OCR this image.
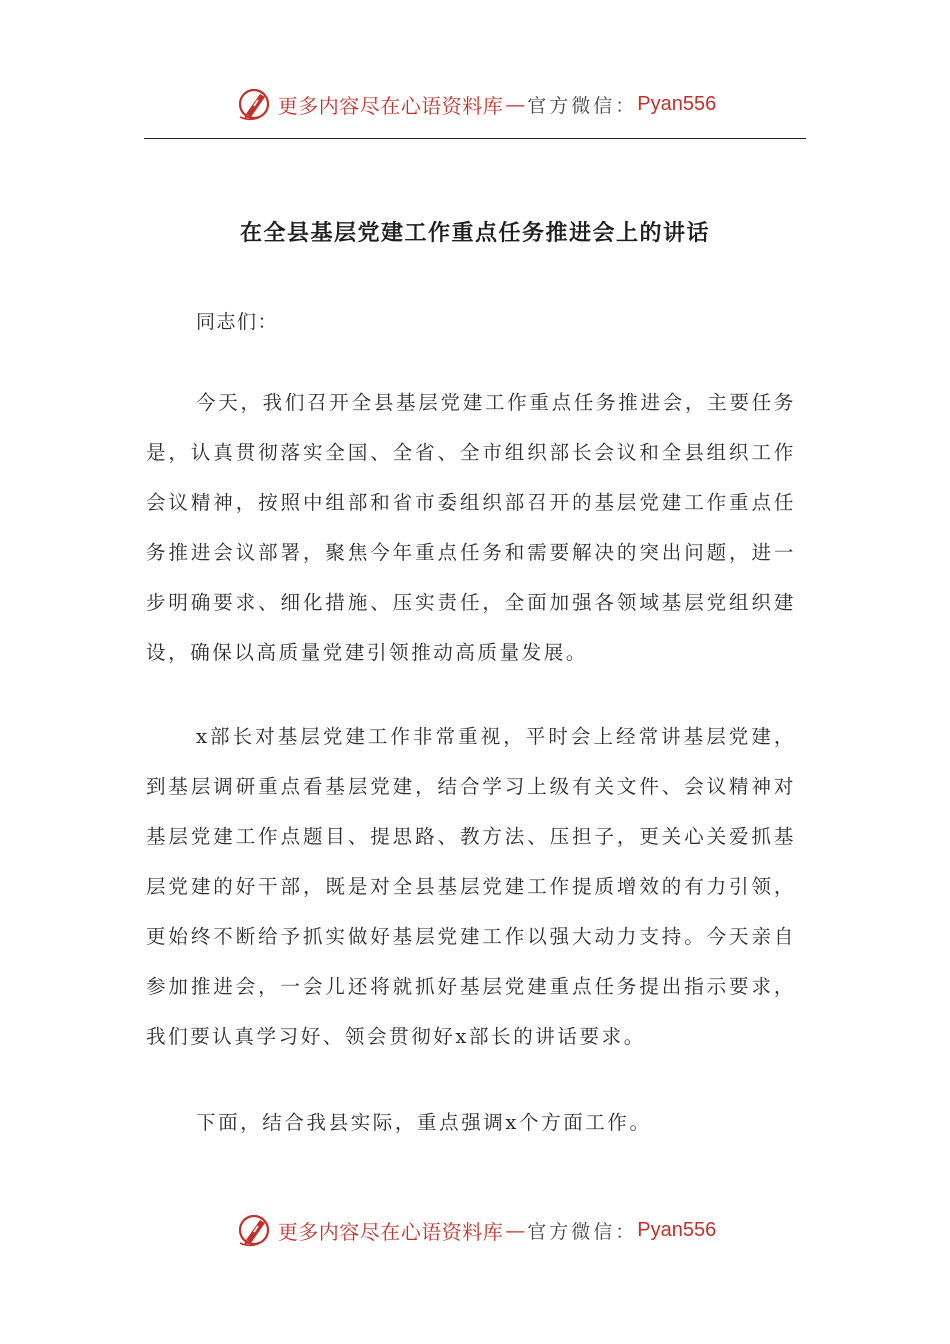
更多内容尽在心语资料库 — 官方微信： Pyan556
在全县基层党建工作重点任务推进会上的讲话

同志们：

今天，我们召开全县基层党建工作重点任务推进会，主要任务是，认真贯彻落实全国、全省、全市组织部长会议和全县组织工作会议精神，按照中组部和省市委组织部召开的基层党建工作重点任务推进会议部署，聚焦今年重点任务和需要解决的突出问题，进一步明确要求、细化措施、压实责任，全面加强各领域基层党组织建设，确保以高质量党建引领推动高质量发展。

x部长对基层党建工作非常重视，平时会上经常讲基层党建，到基层调研重点看基层党建，结合学习上级有关文件、会议精神对基层党建工作点题目、提思路、教方法、压担子，更关心关爱抓基层党建的好干部，既是对全县基层党建工作提质增效的有力引领，更始终不断给予抓实做好基层党建工作以强大动力支持。今天亲自参加推进会，一会儿还将就抓好基层党建重点任务提出指示要求，我们要认真学习好、领会贯彻好x部长的讲话要求。

下面，结合我县实际，重点强调x个方面工作。

更多内容尽在心语资料库 — 官方微信： Pyan556
